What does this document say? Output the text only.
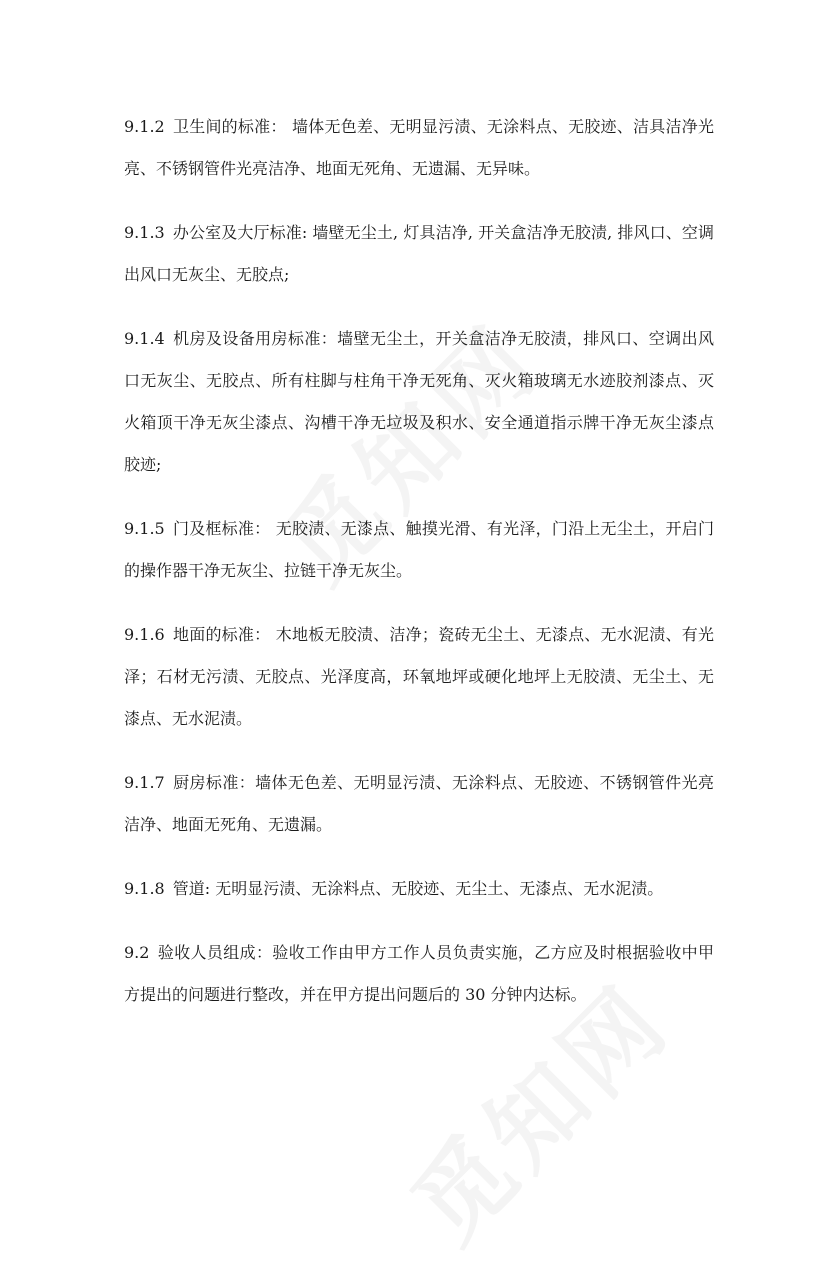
9.1.2 卫生间的标准： 墙体无色差、无明显污渍、无涂料点、无胶迹、洁具洁净光亮、不锈钢管件光亮洁净、地面无死角、无遗漏、无异味。

9.1.3 办公室及大厅标准: 墙壁无尘土, 灯具洁净, 开关盒洁净无胶渍, 排风口、空调出风口无灰尘、无胶点;

9.1.4 机房及设备用房标准：墙壁无尘土，开关盒洁净无胶渍，排风口、空调出风口无灰尘、无胶点、所有柱脚与柱角干净无死角、灭火箱玻璃无水迹胶剂漆点、灭火箱顶干净无灰尘漆点、沟槽干净无垃圾及积水、安全通道指示牌干净无灰尘漆点胶迹;

9.1.5 门及框标准： 无胶渍、无漆点、触摸光滑、有光泽，门沿上无尘土，开启门的操作器干净无灰尘、拉链干净无灰尘。

9.1.6 地面的标准： 木地板无胶渍、洁净；瓷砖无尘土、无漆点、无水泥渍、有光泽；石材无污渍、无胶点、光泽度高，环氧地坪或硬化地坪上无胶渍、无尘土、无漆点、无水泥渍。

9.1.7 厨房标准：墙体无色差、无明显污渍、无涂料点、无胶迹、不锈钢管件光亮洁净、地面无死角、无遗漏。

9.1.8 管道: 无明显污渍、无涂料点、无胶迹、无尘土、无漆点、无水泥渍。

9.2 验收人员组成：验收工作由甲方工作人员负责实施，乙方应及时根据验收中甲方提出的问题进行整改，并在甲方提出问题后的 30 分钟内达标。
